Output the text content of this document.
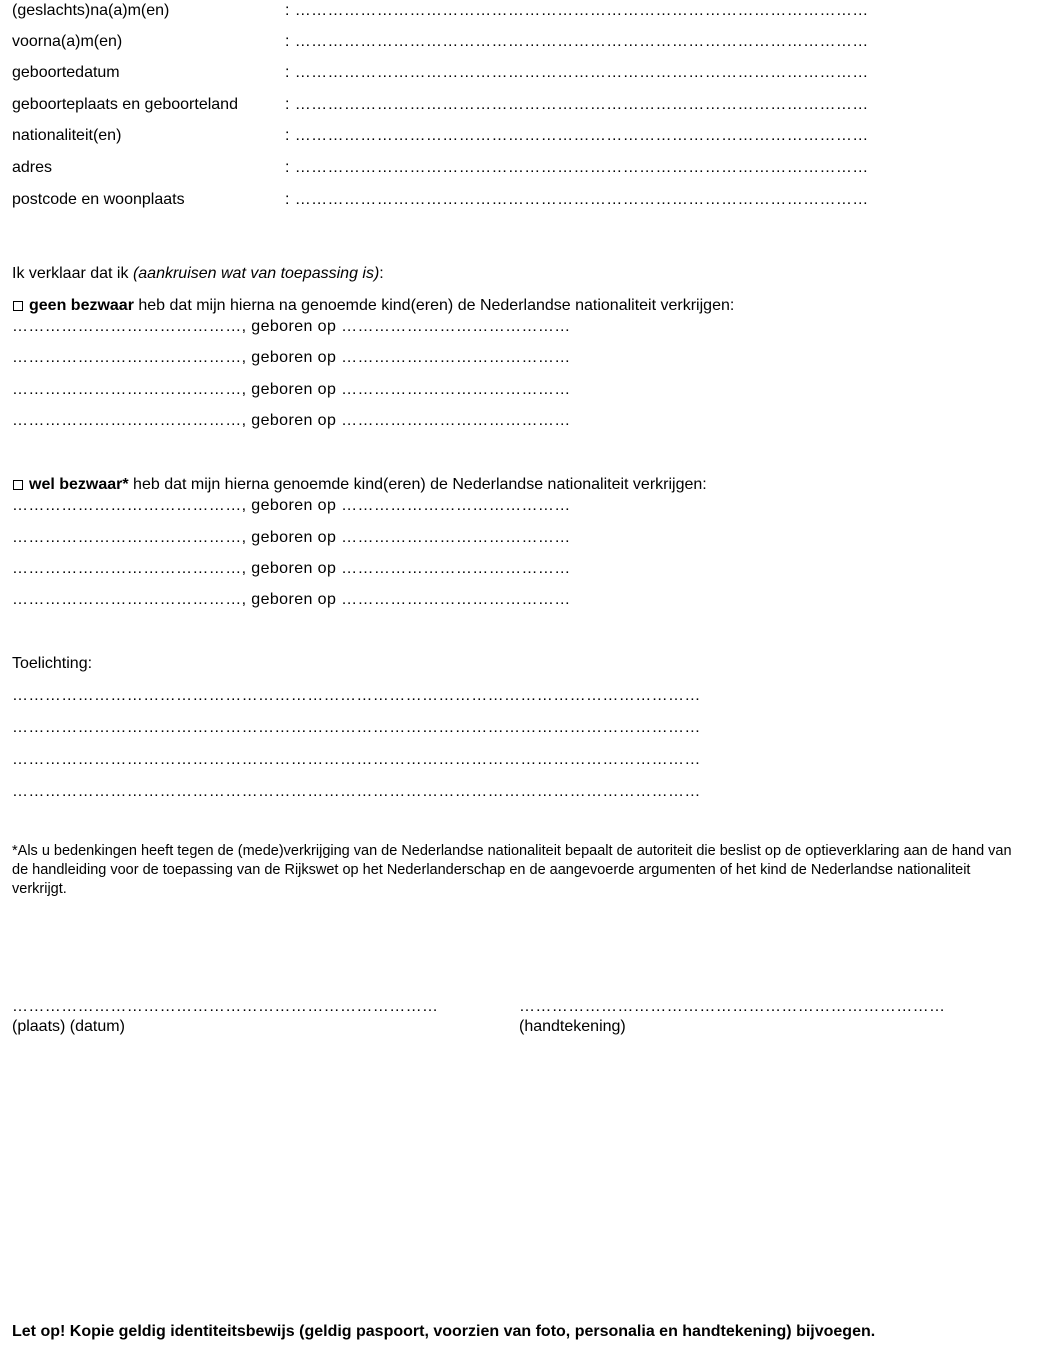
(geslachts)na(a)m(en)	: ……………………………………………………………………………………………
voorna(a)m(en)	: ……………………………………………………………………………………………
geboortedatum	: ……………………………………………………………………………………………
geboorteplaats en geboorteland	: ……………………………………………………………………………………………
nationaliteit(en)	: ……………………………………………………………………………………………
adres	: ……………………………………………………………………………………………
postcode en woonplaats	: ……………………………………………………………………………………………
Ik verklaar dat ik (aankruisen wat van toepassing is):
geen bezwaar heb dat mijn hierna na genoemde kind(eren) de Nederlandse nationaliteit verkrijgen:
……………………………………, geboren op ……………………………………
……………………………………, geboren op ……………………………………
……………………………………, geboren op ……………………………………
……………………………………, geboren op ……………………………………
wel bezwaar* heb dat mijn hierna genoemde kind(eren) de Nederlandse nationaliteit verkrijgen:
……………………………………, geboren op ……………………………………
……………………………………, geboren op ……………………………………
……………………………………, geboren op ……………………………………
……………………………………, geboren op ……………………………………
Toelichting:
………………………………………………………………………………………………………………
………………………………………………………………………………………………………………
………………………………………………………………………………………………………………
………………………………………………………………………………………………………………
*Als u bedenkingen heeft tegen de (mede)verkrijging van de Nederlandse nationaliteit bepaalt de autoriteit die beslist op de optieverklaring aan de hand van de handleiding voor de toepassing van de Rijkswet op het Nederlanderschap en de aangevoerde argumenten of het kind de Nederlandse nationaliteit verkrijgt.
……………………………………………………………………
(plaats) (datum)
……………………………………………………………………
(handtekening)
Let op! Kopie geldig identiteitsbewijs (geldig paspoort, voorzien van foto, personalia en handtekening) bijvoegen.
